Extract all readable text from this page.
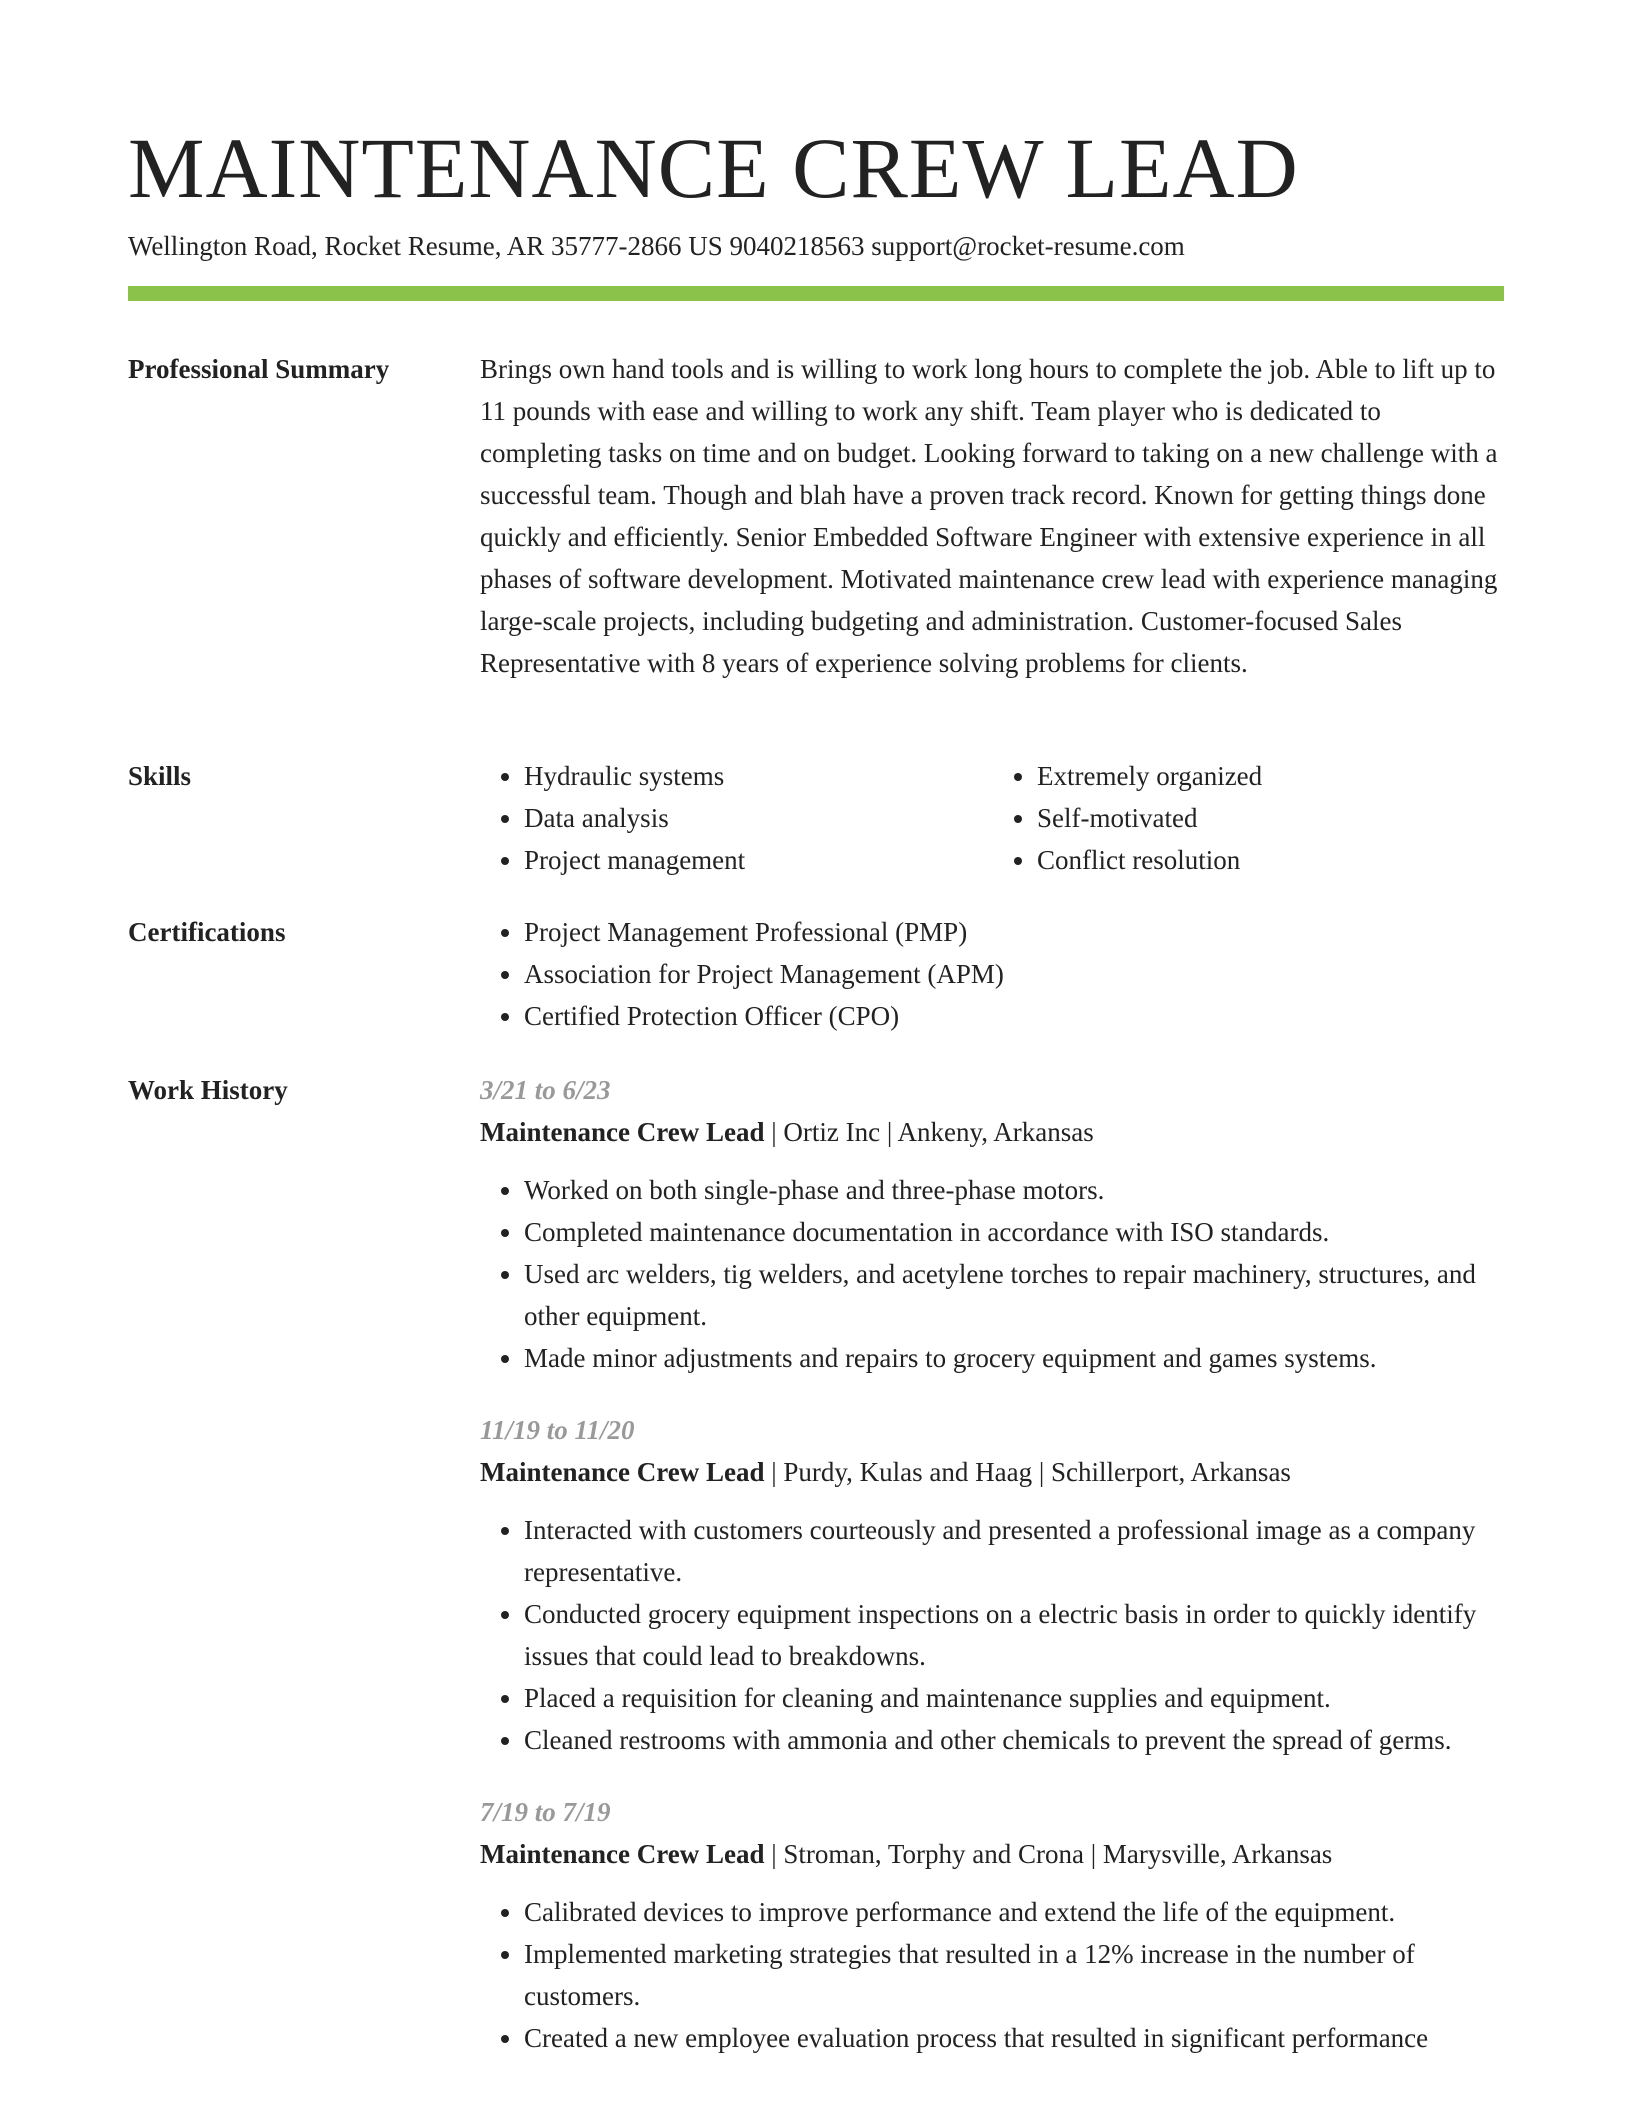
MAINTENANCE CREW LEAD
Wellington Road, Rocket Resume, AR 35777-2866 US 9040218563 support@rocket-resume.com
Professional Summary	Brings own hand tools and is willing to work long hours to complete the job. Able to lift up to 11 pounds with ease and willing to work any shift. Team player who is dedicated to completing tasks on time and on budget. Looking forward to taking on a new challenge with a successful team. Though and blah have a proven track record. Known for getting things done quickly and efficiently. Senior Embedded Software Engineer with extensive experience in all phases of software development. Motivated maintenance crew lead with experience managing large-scale projects, including budgeting and administration. Customer-focused Sales Representative with 8 years of experience solving problems for clients.

Skills	• Hydraulic systems
• Data analysis
• Project management
• Extremely organized
• Self-motivated
• Conflict resolution
Certifications	• Project Management Professional (PMP)
• Association for Project Management (APM)
• Certified Protection Officer (CPO)
Work History	3/21 to 6/23
Maintenance Crew Lead | Ortiz Inc | Ankeny, Arkansas
• Worked on both single-phase and three-phase motors.
• Completed maintenance documentation in accordance with ISO standards.
• Used arc welders, tig welders, and acetylene torches to repair machinery, structures, and other equipment.
• Made minor adjustments and repairs to grocery equipment and games systems.
11/19 to 11/20
Maintenance Crew Lead | Purdy, Kulas and Haag | Schillerport, Arkansas
• Interacted with customers courteously and presented a professional image as a company representative.
• Conducted grocery equipment inspections on a electric basis in order to quickly identify issues that could lead to breakdowns.
• Placed a requisition for cleaning and maintenance supplies and equipment.
• Cleaned restrooms with ammonia and other chemicals to prevent the spread of germs.
7/19 to 7/19
Maintenance Crew Lead | Stroman, Torphy and Crona | Marysville, Arkansas
• Calibrated devices to improve performance and extend the life of the equipment.
• Implemented marketing strategies that resulted in a 12% increase in the number of customers.
• Created a new employee evaluation process that resulted in significant performance
